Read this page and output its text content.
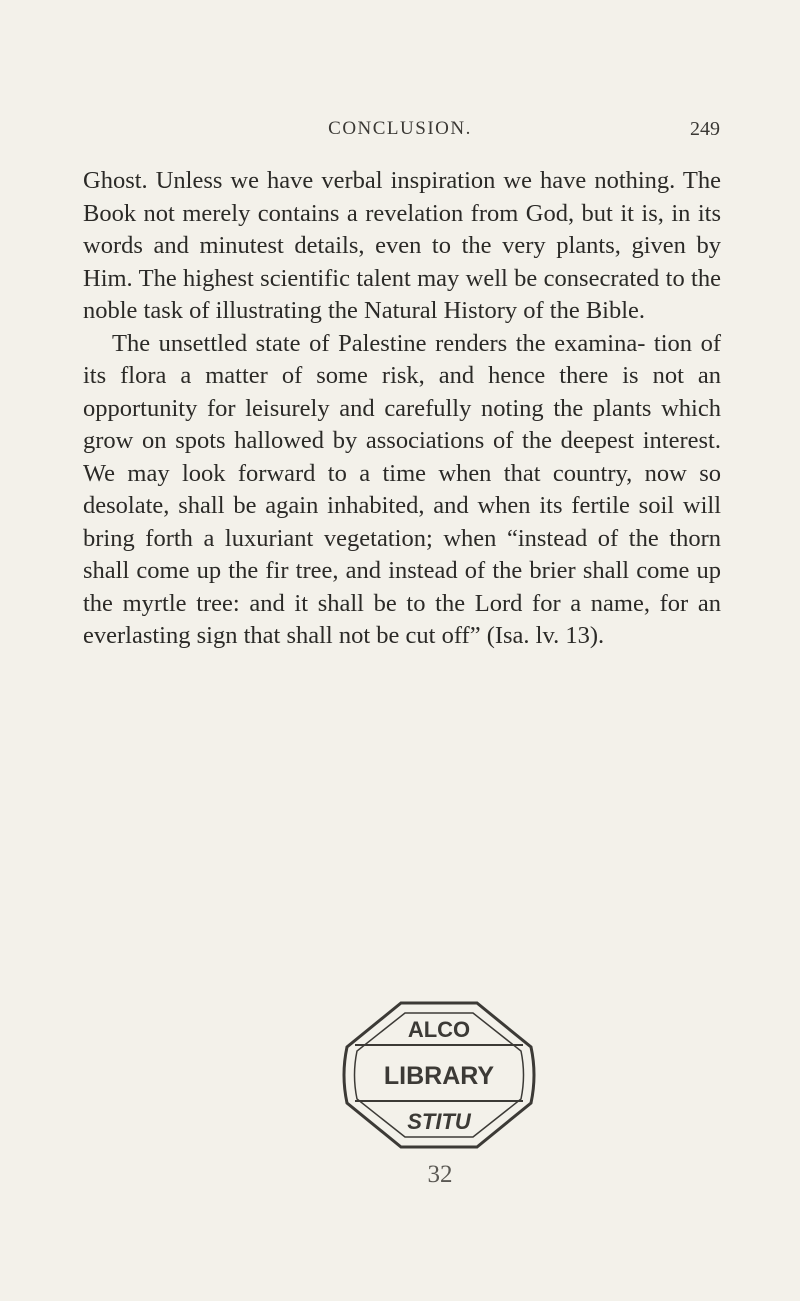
CONCLUSION.	249

Ghost. Unless we have verbal inspiration we have nothing. The Book not merely contains a revelation from God, but it is, in its words and minutest details, even to the very plants, given by Him. The highest scientific talent may well be consecrated to the noble task of illustrating the Natural History of the Bible.

The unsettled state of Palestine renders the examina- tion of its flora a matter of some risk, and hence there is not an opportunity for leisurely and carefully noting the plants which grow on spots hallowed by associations of the deepest interest. We may look forward to a time when that country, now so desolate, shall be again inhabited, and when its fertile soil will bring forth a luxuriant vegetation; when “instead of the thorn shall come up the fir tree, and instead of the brier shall come up the myrtle tree: and it shall be to the Lord for a name, for an everlasting sign that shall not be cut off” (Isa. lv. 13).

ALCO
LIBRARY
STITU
32
